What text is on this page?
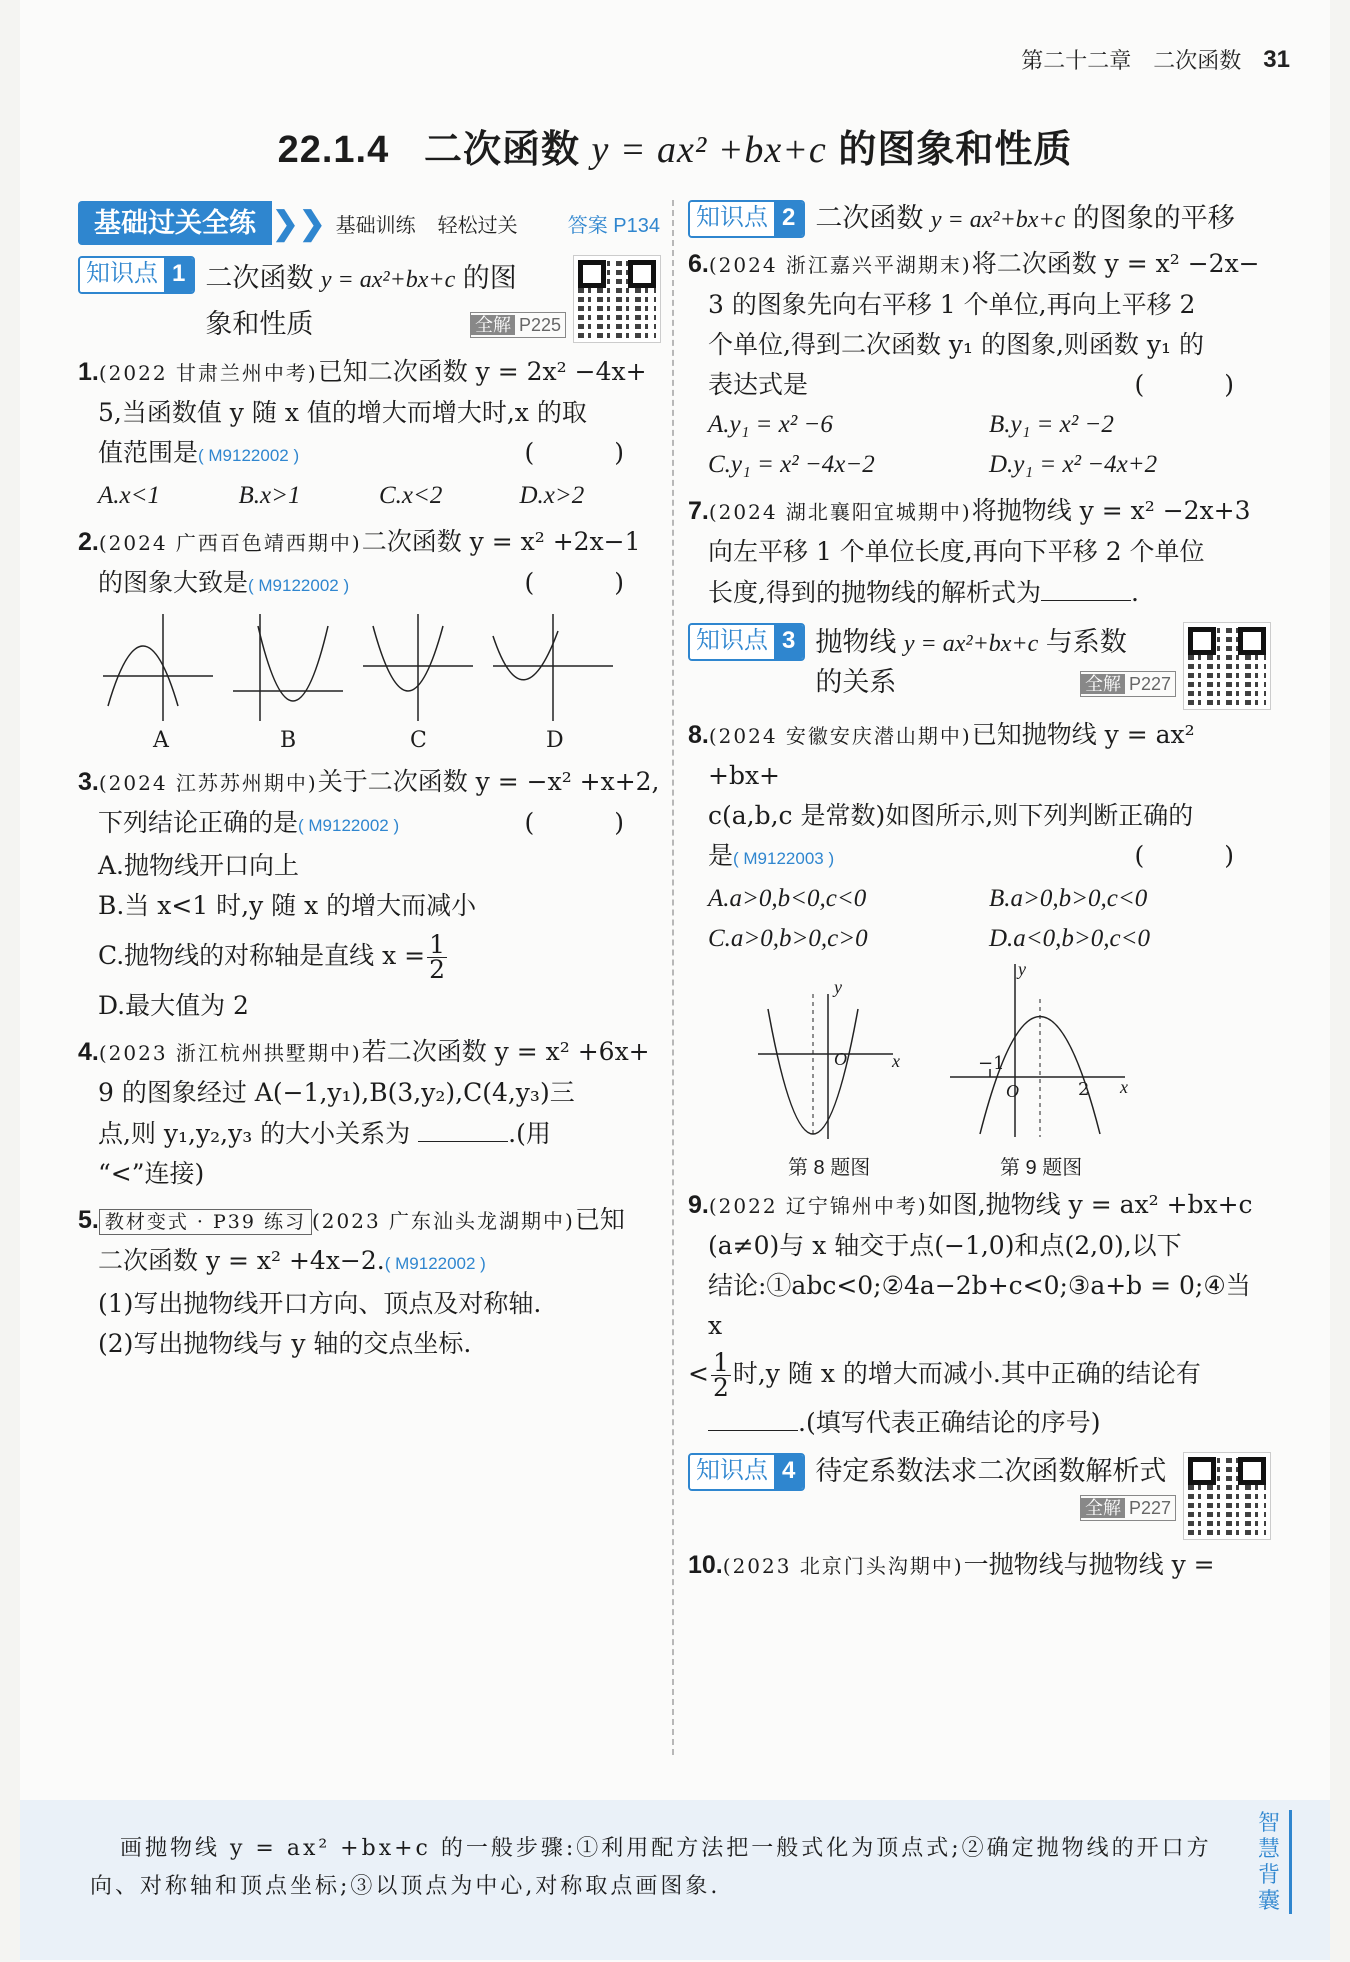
第二十二章 二次函数 31
22.1.4 二次函数 y = ax² +bx+c 的图象和性质
基础过关全练 ❯❯ 基础训练 轻松过关	答案 P134
知识点 1 二次函数 y = ax²+bx+c 的图
象和性质	全解 P225
1.(2022 甘肃兰州中考)已知二次函数 y = 2x² −4x+
5,当函数值 y 随 x 值的增大而增大时,x 的取
值范围是( M9122002 )	( )
A.x<1	B.x>1	C.x<2	D.x>2
2.(2024 广西百色靖西期中)二次函数 y = x² +2x−1
的图象大致是( M9122002 )	( )
A	B	C	D
3.(2024 江苏苏州期中)关于二次函数 y = −x² +x+2,
下列结论正确的是( M9122002 )	( )
A.抛物线开口向上
B.当 x<1 时,y 随 x 的增大而减小
C.抛物线的对称轴是直线 $x = \frac{1}{2}$
D.最大值为 2
4.(2023 浙江杭州拱墅期中)若二次函数 y = x² +6x+
9 的图象经过 A(−1,y₁),B(3,y₂),C(4,y₃)三
点,则 y₁,y₂,y₃ 的大小关系为	.(用
“<”连接)
5. 教材变式 · P39 练习 (2023 广东汕头龙湖期中)已知
二次函数 y = x² +4x−2.( M9122002 )
(1)写出抛物线开口方向、顶点及对称轴.
(2)写出抛物线与 y 轴的交点坐标.
知识点 2 二次函数 y = ax²+bx+c 的图象的平移
6.(2024 浙江嘉兴平湖期末)将二次函数 y = x² −2x−
3 的图象先向右平移 1 个单位,再向上平移 2
个单位,得到二次函数 y₁ 的图象,则函数 y₁ 的
表达式是	( )
A.y₁ = x² −6	B.y₁ = x² −2
C.y₁ = x² −4x−2	D.y₁ = x² −4x+2
7.(2024 湖北襄阳宜城期中)将抛物线 y = x² −2x+3
向左平移 1 个单位长度,再向下平移 2 个单位
长度,得到的抛物线的解析式为	.
知识点 3 抛物线 y = ax²+bx+c 与系数
的关系	全解 P227
8.(2024 安徽安庆潜山期中)已知抛物线 y = ax² +bx+
c(a,b,c 是常数)如图所示,则下列判断正确的
是( M9122003 )	( )
A.a>0,b<0,c<0	B.a>0,b>0,c<0
C.a>0,b>0,c>0	D.a<0,b>0,c<0
y
x
O
y
x
−1
O	2
第 8 题图	第 9 题图
9.(2022 辽宁锦州中考)如图,抛物线 y = ax² +bx+c
(a≠0)与 x 轴交于点(−1,0)和点(2,0),以下
结论:①abc<0;②4a−2b+c<0;③a+b = 0;④当 x
< $\frac{1}{2}$ 时,y 随 x 的增大而减小.其中正确的结论有
.(填写代表正确结论的序号)
知识点 4 待定系数法求二次函数解析式

全解 P227
10.(2023 北京门头沟期中)一抛物线与抛物线 y =
画抛物线 y = ax² +bx+c 的一般步骤:①利用配方法把一般式化为顶点式;②确定抛物线的开口方向、对称轴和顶点坐标;③以顶点为中心,对称取点画图象.
智慧背囊
